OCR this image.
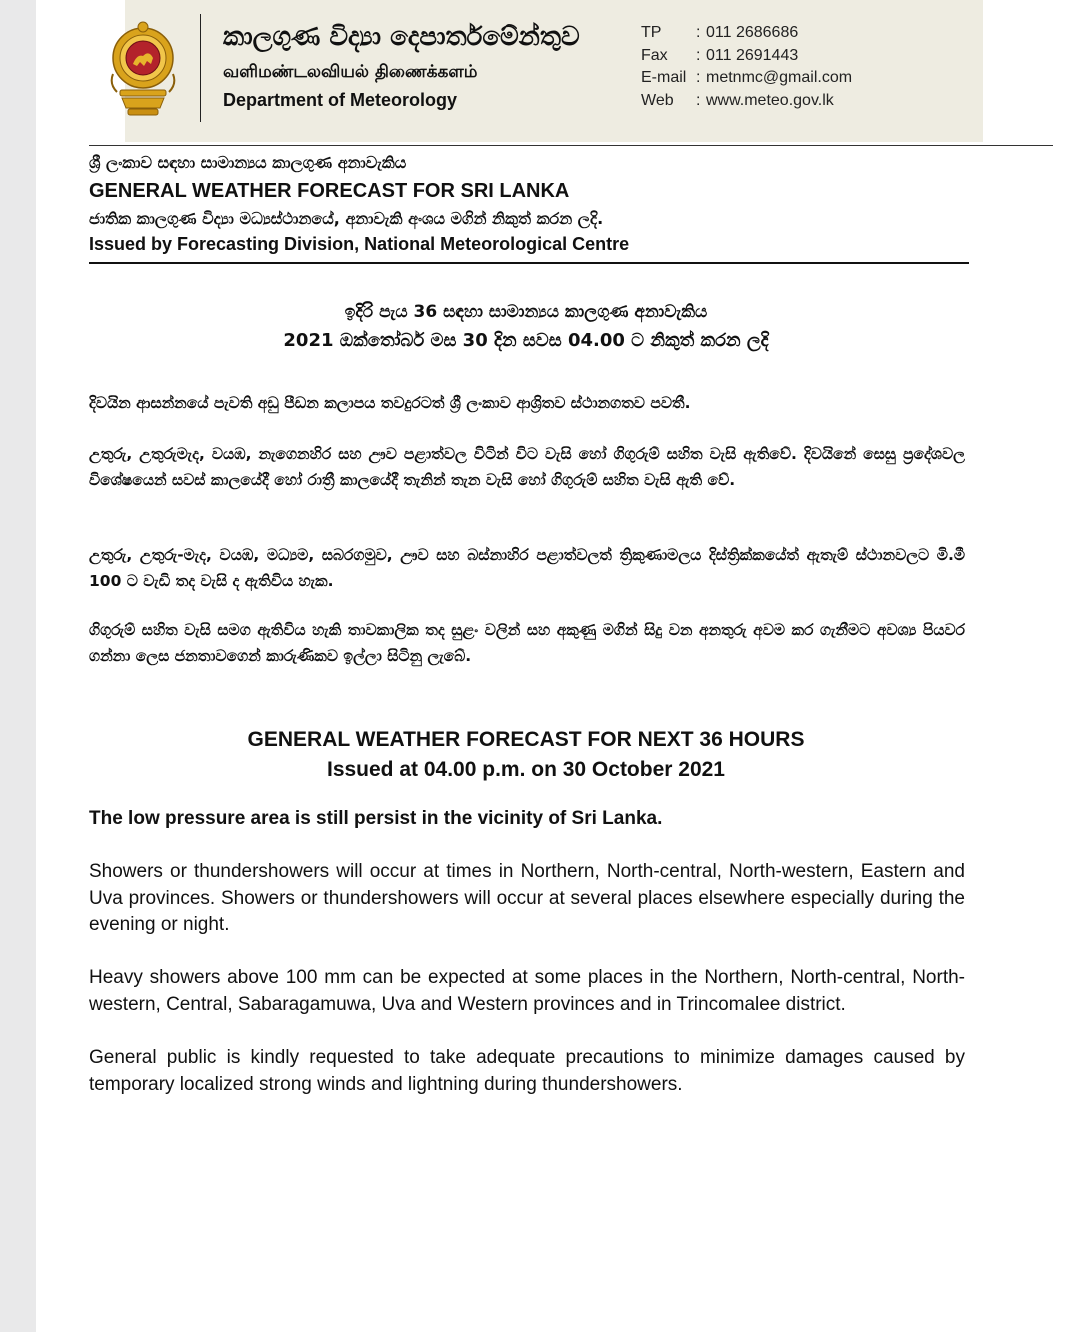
කාලගුණ විද්‍යා දෙපාර්තමේන්තුව
வளிமண்டலவியல் திணைக்களம்
Department of Meteorology
TP : 011 2686686
Fax : 011 2691443
E-mail : metnmc@gmail.com
Web : www.meteo.gov.lk
ශ්‍රී ලංකාව සඳහා සාමාන්‍යය කාලගුණ අනාවැකිය
GENERAL WEATHER FORECAST FOR SRI LANKA
ජාතික කාලගුණ විද්‍යා මධ්‍යස්ථානයේ, අනාවැකි අංශය මගින් නිකුත් කරන ලදි.
Issued by Forecasting Division, National Meteorological Centre
ඉදිරි පැය 36 සඳහා සාමාන්‍යය කාලගුණ අනාවැකිය
2021 ඔක්තෝබර් මස 30 දින සවස 04.00 ට නිකුත් කරන ලදි
දිවයින ආසන්නයේ පැවති අඩු පීඩන කලාපය තවදුරටත් ශ්‍රී ලංකාව ආශ්‍රිතව ස්ථානගතව පවතී.
උතුරු, උතුරුමැද, වයඹ, නැගෙනහිර සහ ඌව පළාත්වල විටින් විට වැසි හෝ ගිගුරුම් සහිත වැසි ඇතිවේ. දිවයිනේ සෙසු ප්‍රදේශවල විශේෂයෙන් සවස් කාලයේදී හෝ රාත්‍රී කාලයේදී තැනින් තැන වැසි හෝ ගිගුරුම් සහිත වැසි ඇති වේ.
උතුරු, උතුරු-මැද, වයඹ, මධ්‍යම, සබරගමුව, ඌව සහ බස්නාහිර පළාත්වලත් ත්‍රිකුණාමලය දිස්ත්‍රික්කයේත් ඇතැම් ස්ථානවලට මි.මී 100 ට වැඩි තද වැසි ද ඇතිවිය හැක.
ගිගුරුම් සහිත වැසි සමග ඇතිවිය හැකි තාවකාලික තද සුළං වලින් සහ අකුණු මගින් සිදු වන අනතුරු අවම කර ගැනීමට අවශ්‍ය පියවර ගන්නා ලෙස ජනතාවගෙන් කාරුණිකව ඉල්ලා සිටිනු ලැබේ.
GENERAL WEATHER FORECAST FOR NEXT 36 HOURS
Issued at 04.00 p.m. on 30 October 2021
The low pressure area is still persist in the vicinity of Sri Lanka.
Showers or thundershowers will occur at times in Northern, North-central, North-western, Eastern and Uva provinces. Showers or thundershowers will occur at several places elsewhere especially during the evening or night.
Heavy showers above 100 mm can be expected at some places in the Northern, North-central, North-western, Central, Sabaragamuwa, Uva and Western provinces and in Trincomalee district.
General public is kindly requested to take adequate precautions to minimize damages caused by temporary localized strong winds and lightning during thundershowers.
